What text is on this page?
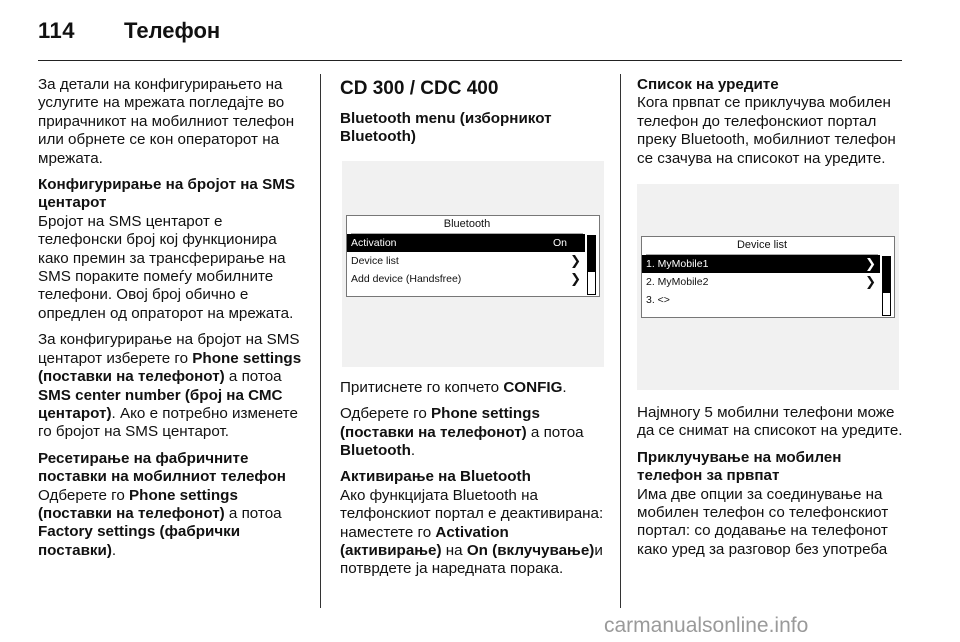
114 Телефон

За детали на конфигурирањето на услугите на мрежата погледајте во прирачникот на мобилниот телефон или обрнете се кон операторот на мрежата.

Конфигурирање на бројот на SMS центарот

Бројот на SMS центарот е телефонски број кој функционира како премин за трансферирање на SMS пораките помеѓу мобилните телефони. Овој број обично е опредлен од опраторот на мрежата.

За конфигурирање на бројот на SMS центарот изберете го Phone settings (поставки на телефонот) а потоа SMS center number (број на СМС центарот). Ако е потребно изменете го бројот на SMS центарот.

Ресетирање на фабричните поставки на мобилниот телефон

Одберете го Phone settings (поставки на телефонот) а потоа Factory settings (фабрички поставки).

CD 300 / CDC 400
Bluetooth menu (изборникот Bluetooth)
Bluetooth
Activation	On
Device list	❯
Add device (Handsfree)	❯

Притиснете го копчето CONFIG.

Одберете го Phone settings (поставки на телефонот) а потоа Bluetooth.

Активирање на Bluetooth

Ако функцијата Bluetooth на телфонскиот портал е деактивирана: наместете го Activation (активирање) на On (вклучување)и потврдете ја наредната порака.

Список на уредите

Кога првпат се приклучува мобилен телефон до телефонскиот портал преку Bluetooth, мобилниот телефон се сзачува на списокот на уредите.

Device list
1. MyMobile1	❯
2. MyMobile2	❯
3. <>

Најмногу 5 мобилни телефони може да се снимат на списокот на уредите.

Приклучување на мобилен телефон за првпат

Има две опции за соединување на мобилен телефон со телефонскиот портал: со додавање на телефонот како уред за разговор без употреба

carmanualsonline.info
